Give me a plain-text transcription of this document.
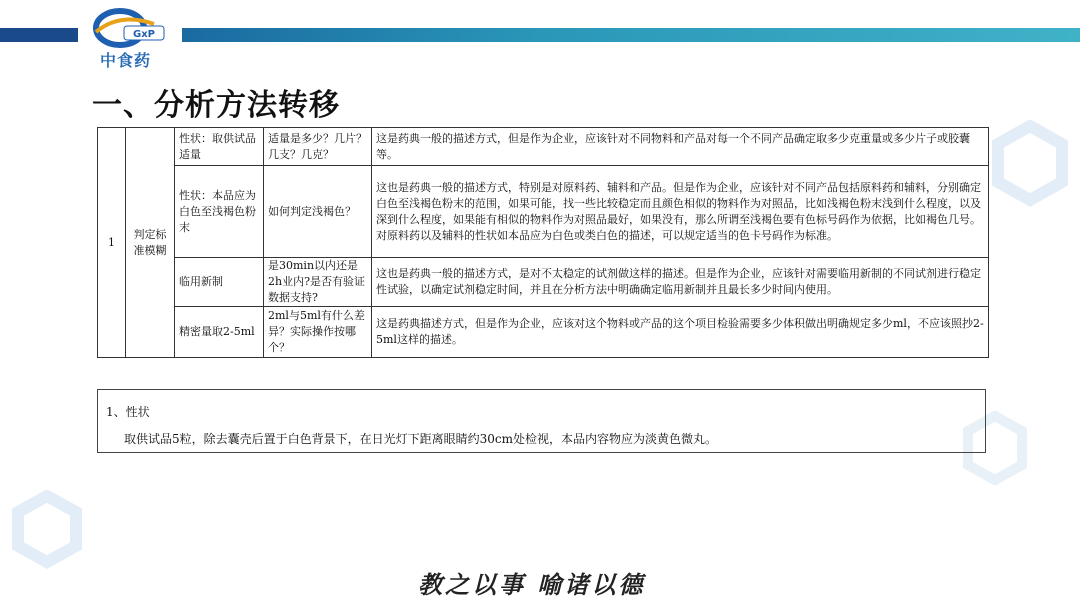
GxP
中食药
一、分析方法转移
1	判定标准模糊	性状：取供试品适量	适量是多少？几片？几支？几克？	这是药典一般的描述方式，但是作为企业，应该针对不同物料和产品对每一个不同产品确定取多少克重量或多少片子或胶囊等。
		性状：本品应为白色至浅褐色粉末	如何判定浅褐色？	这也是药典一般的描述方式，特别是对原料药、辅料和产品。但是作为企业，应该针对不同产品包括原料药和辅料，分别确定白色至浅褐色粉末的范围，如果可能，找一些比较稳定而且颜色相似的物料作为对照品，比如浅褐色粉末浅到什么程度，以及深到什么程度，如果能有相似的物料作为对照品最好，如果没有，那么所谓至浅褐色要有色标号码作为依据，比如褐色几号。对原料药以及辅料的性状如本品应为白色或类白色的描述，可以规定适当的色卡号码作为标准。
		临用新制	是30min以内还是2h业内?是否有验证数据支持?	这也是药典一般的描述方式，是对不太稳定的试剂做这样的描述。但是作为企业，应该针对需要临用新制的不同试剂进行稳定性试验，以确定试剂稳定时间，并且在分析方法中明确确定临用新制并且最长多少时间内使用。
		精密量取2-5ml	2ml与5ml有什么差异？实际操作按哪个？	这是药典描述方式，但是作为企业，应该对这个物料或产品的这个项目检验需要多少体积做出明确规定多少ml，不应该照抄2-5ml这样的描述。
1、性状
取供试品5粒，除去囊壳后置于白色背景下，在日光灯下距离眼睛约30cm处检视，本品内容物应为淡黄色微丸。
教之以事 喻诸以德
